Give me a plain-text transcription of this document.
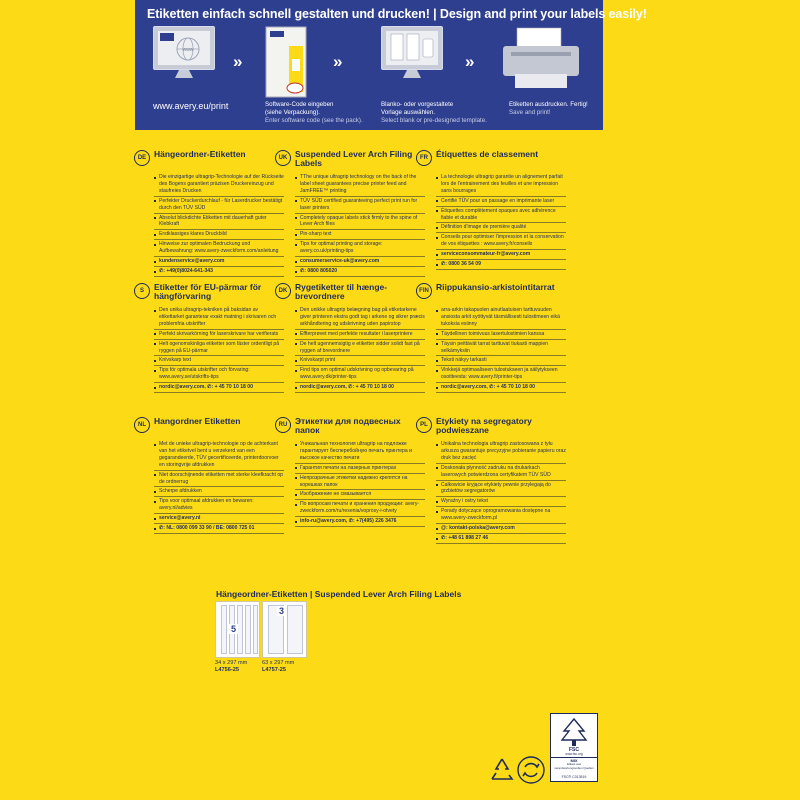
Etiketten einfach schnell gestalten und drucken! | Design and print your labels easily!
www
»
Software-Code eingeben
(siehe Verpackung).
Enter software code (see the pack).
»
Blanko- oder vorgestaltete
Vorlage auswählen.
Select blank or pre-designed template.
»
Etiketten ausdrucken. Fertig!
Save and print!
www.avery.eu/print
DE Hängeordner-Etiketten
Die einzigartige ultragrip-Technologie auf der Rückseite des Bogens garantiert präzisen Druckereinzug und staufreies Drucken
Perfekter Druckerdurchlauf - für Laserdrucker bestätigt durch den TÜV SÜD
Absolut blickdichte Etiketten mit dauerhaft guter Klebkraft
Erstklassiges klares Druckbild
Hinweise zur optimalen Bedruckung und Aufbewahrung: www.avery-zweckform.com/anleitung
kundenservice@avery.com
✆: +49(0)8024-641-343
UK Suspended Lever Arch Filing Labels
TThe unique ultragrip technology on the back of the label sheet guarantees precise printer feed and JamFREE™ printing
TÜV SÜD certified guaranteeing perfect print run for laser printers
Completely opaque labels stick firmly to the spine of Lever Arch files
Pin-sharp text
Tips for optimal printing and storage: avery.co.uk/printing-tips
consumerservice-uk@avery.com
✆: 0800 805020
FR Étiquettes de classement
La technologie ultragrip garantie un alignement parfait lors de l'entrainement des feuilles et une impression sans bourrages
Certifié TÜV pour un passage en imprimante laser
Étiquettes complètement opaques avec adhérence fiable et durable
Définition d'image de première qualité
Conseils pour optimiser l'impression et la conservation de vos étiquettes : www.avery.fr/conseils
serviceconsommateur-fr@avery.com
✆: 0800 36 54 09
S	Etiketter för EU-pärmar för hängförvaring
Den unika ultragrip-tekniken på baksidan av etikettarket garanterar exakt matning i skrivaren och problemfria utskrifter
Perfekt skrivarkörning för laserskrivare har verifierats
Helt ogenomskinliga etiketter som fäster ordentligt på ryggen på EU-pärmar
Knivskarp text
Tips för optimala utskrifter och förvaring: www.avery.se/utskrifts-tips
nordic@avery.com, ✆: + 45 70 10 18 00
DK Rygetiketter til hænge-brevordnere
Den unikke ultragrip belægning bag på etiketarkene giver printeren ekstra godt tag i arkene og sikrer præcis arkhåndtering og udskrivning uden papirstop
Effterprøvet med perfekte resultater i laserprintere
De helt ugennemsigtig e etiketter sidder solidt fast på ryggen af brevordnere
Knivskarpt print
Find tips om optimal udskrivning og opbevaring på www.avery.dk/printer-tips
nordic@avery.com, ✆: + 45 70 10 18 00
FIN Riippukansio-arkistointitarrat
arra-arkin takapuolen ainutlaatuisen tarttuvuuden ansiosta arkit syöttyvät täsmällisesti tulostimeen eikä tukoksia esiinny
Täydellinen toimivuus lasertulostimien kanssa
Täysin peittävät tarrat tarttuvat tiukasti mappien selkämyksiin
Teksti näkyy tarkasti
Vinkkejä optimaaliseen tulostukseen ja säilytykseen osoitteesta: www.avery.fi/printer-tips
nordic@avery.com, ✆: + 45 70 10 18 00
NL Hangordner Etiketten
Met de unieke ultragrip-technologie op de achterkant van het etiketvel bent u verzekerd van een gegarandeerde, TÜV gecertificeerde, printerdoorvoer en storingvrije afdrukken
Niet doorschijnende etiketten met sterke kleefkracht op de ordnerrug
Scherpe afdrukken
Tips voor optimaal afdrukken en bewaren: avery.nl/advies
service@avery.nl
✆: NL: 0800 099 33 90 / BE: 0800 725 01
RU Этикетки для подвесных папок
Уникальная технология ultragrip на подложке гарантирует бесперебойную печать принтера и высокое качество печати
Гарантия печати на лазерных принтерах
Непрозрачные этикетки надежно крепятся на корешках папок
Изображение не смазывается
По вопросам печати и хранения продукции: avery-zweckform.com/ru/resenia/voprosy-i-otvety
info-ru@avery.com, ✆: +7(495) 226 3476
PL Etykiety na segregatory podwieszane
Unikalna technologia ultragrip zastosowana z tyłu arkusza gwarantuje precyzyjne pobieranie papieru oraz druk bez zacięć
Doskonała płynność zadruku na drukarkach laserowych potwierdzona certyfikatem TÜV SÜD
Całkowicie kryjące etykiety pewnie przylegają do grzbietów segregatorów
Wyraźny i ostry tekst
Porady dotyczące oprogramowania dostępne na www.avery-zweckform.pl
@: kontakt-polska@avery.com
✆: +48 61 898 27 46
Hängeordner-Etiketten | Suspended Lever Arch Filing Labels
5
34 x 297 mm
L4756-25
3
63 x 297 mm
L4757-25
FSC
www.fsc.org
MIX
Etikett aus verantwortungsvollen Quellen
FSC® C013519
